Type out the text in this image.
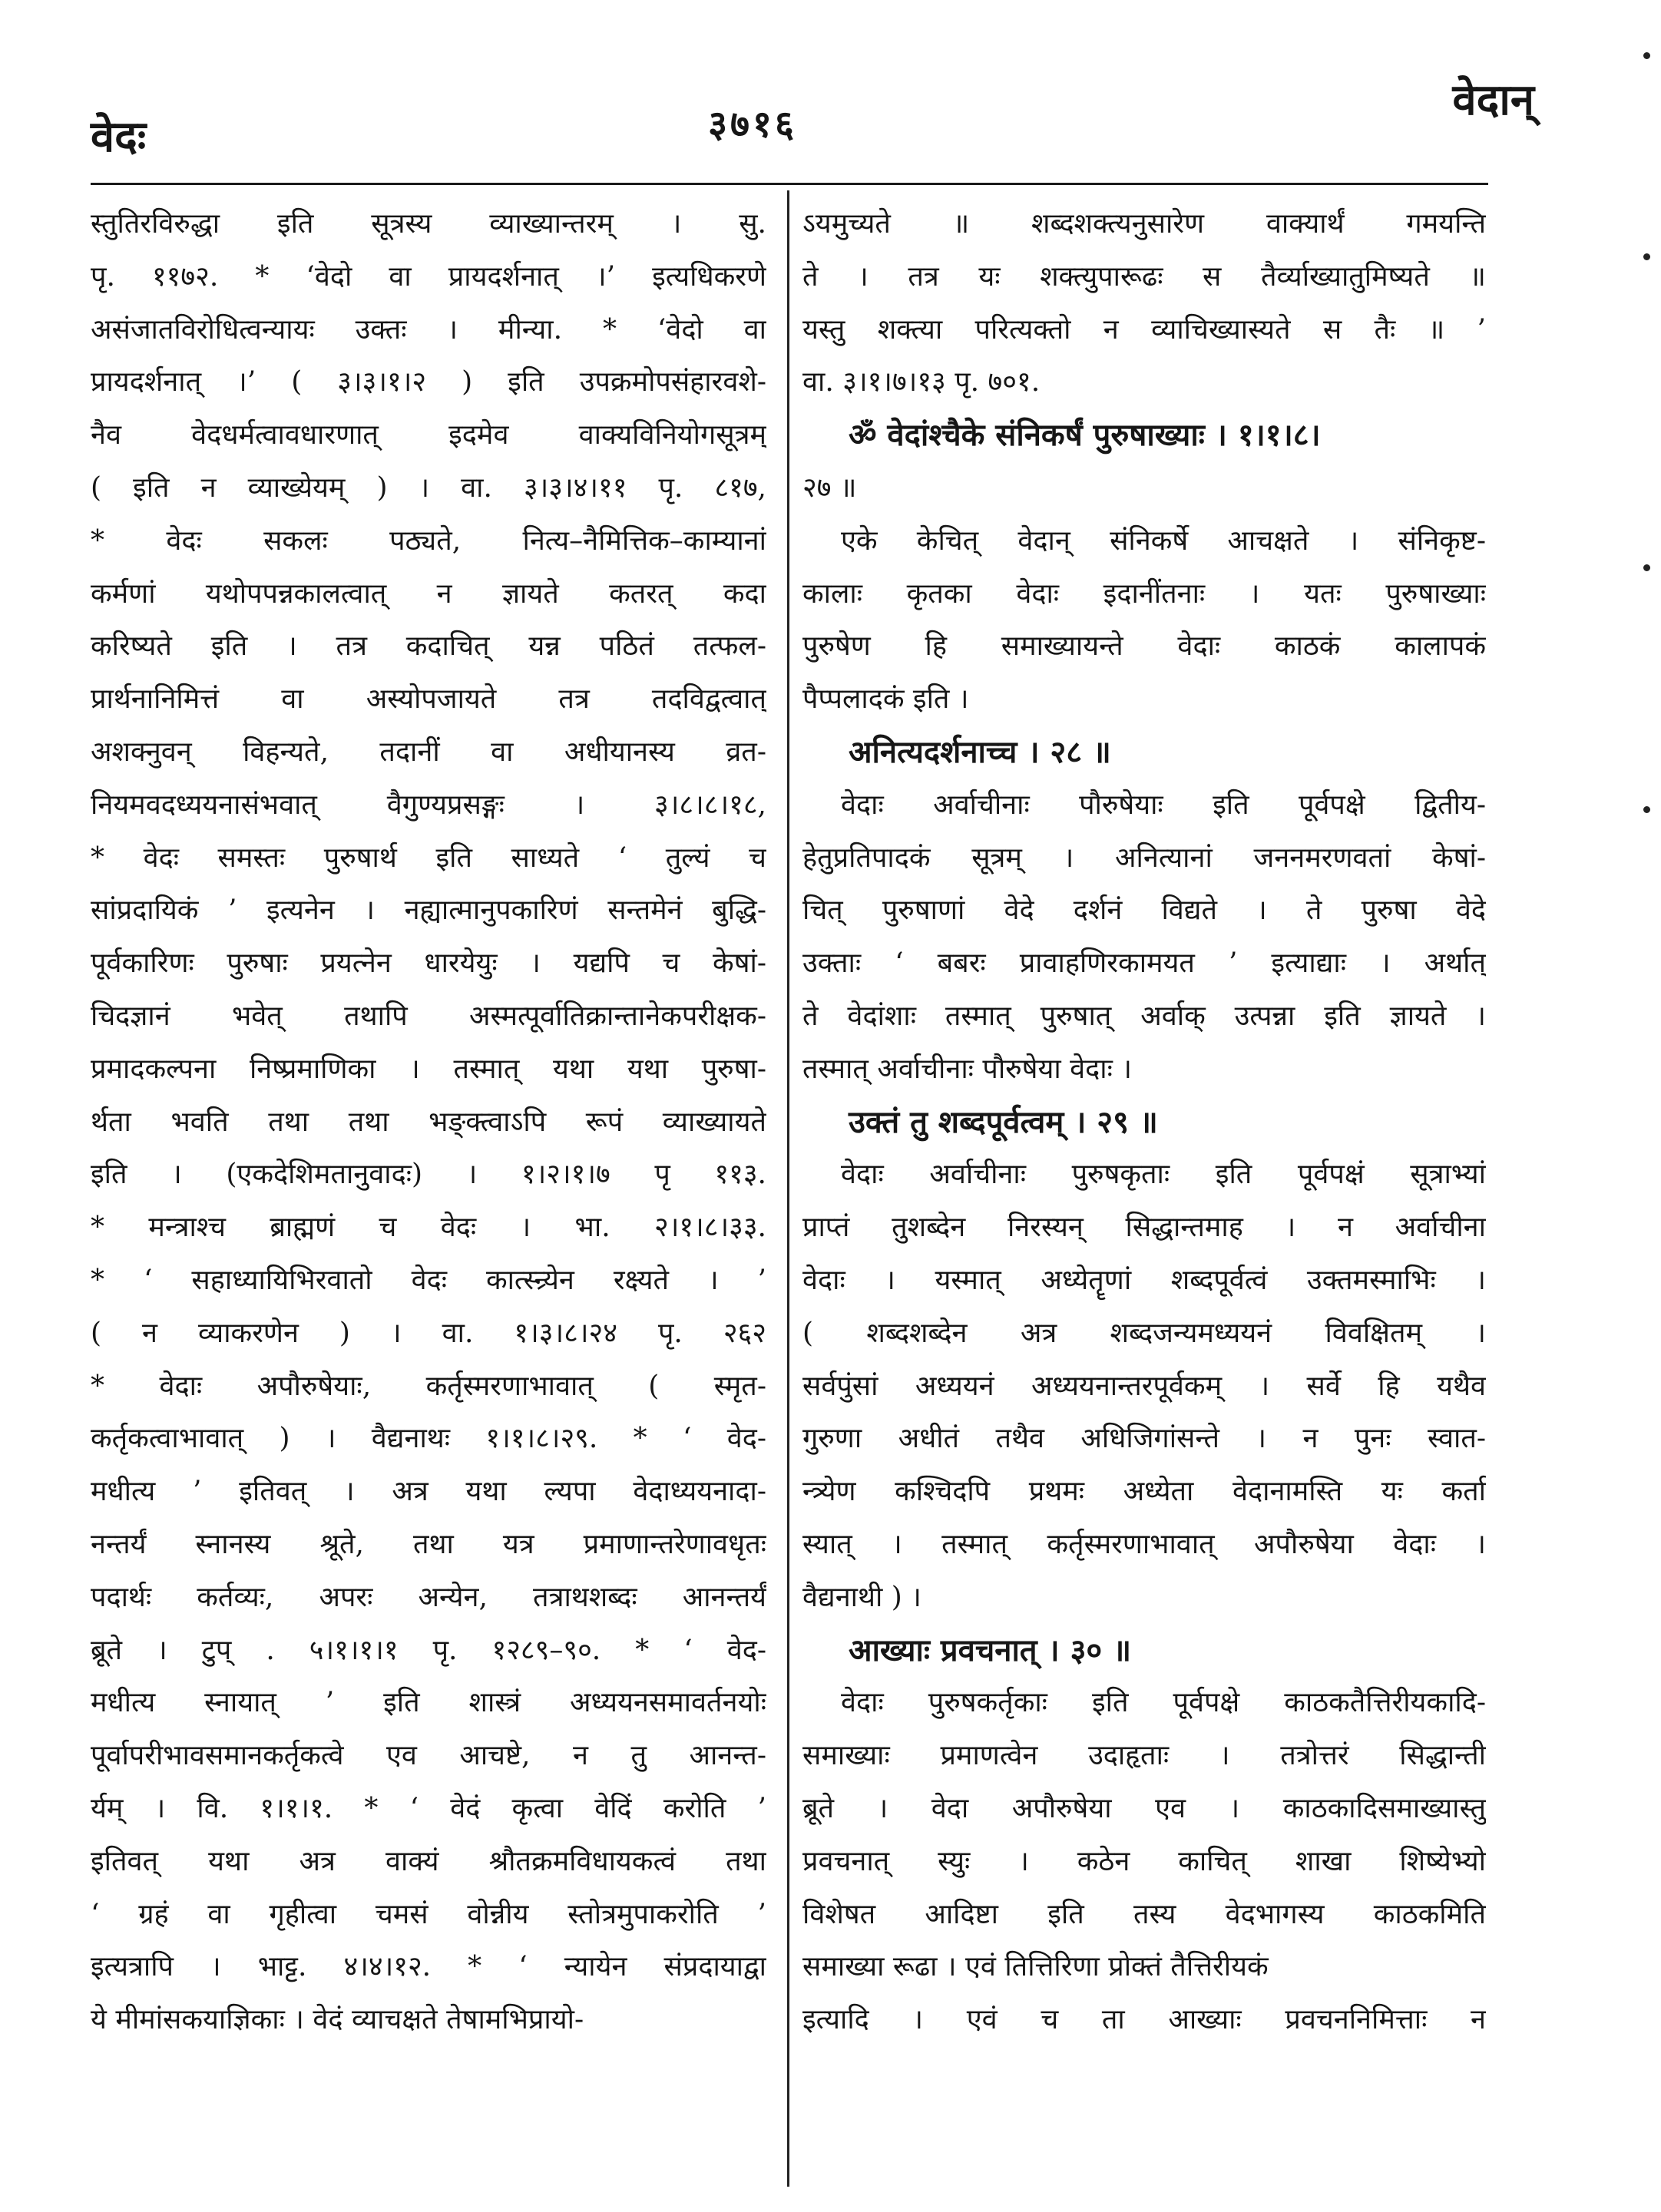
वेदः	३७१६	वेदान्
स्तुतिरविरुद्धा इति सूत्रस्य व्याख्यान्तरम् । सु.
पृ. ११७२. * ‘वेदो वा प्रायदर्शनात् ।’ इत्यधिकरणे
असंजातविरोधित्वन्यायः उक्तः । मीन्या. * ‘वेदो वा
प्रायदर्शनात् ।’ ( ३।३।१।२ ) इति उपक्रमोपसंहारवशे-
नैव वेदधर्मत्वावधारणात् इदमेव वाक्यविनियोगसूत्रम्
( इति न व्याख्येयम् ) । वा. ३।३।४।११ पृ. ८१७,
* वेदः सकलः पठ्यते, नित्य–नैमित्तिक–काम्यानां
कर्मणां यथोपपन्नकालत्वात् न ज्ञायते कतरत् कदा
करिष्यते इति । तत्र कदाचित् यन्न पठितं तत्फल-
प्रार्थनानिमित्तं वा अस्योपजायते तत्र तदविद्वत्वात्
अशक्नुवन् विहन्यते, तदानीं वा अधीयानस्य व्रत-
नियमवदध्ययनासंभवात् वैगुण्यप्रसङ्गः । ३।८।८।१८,
* वेदः समस्तः पुरुषार्थ इति साध्यते ‘ तुल्यं च
सांप्रदायिकं ’ इत्यनेन । नह्यात्मानुपकारिणं सन्तमेनं बुद्धि-
पूर्वकारिणः पुरुषाः प्रयत्नेन धारयेयुः । यद्यपि च केषां-
चिदज्ञानं भवेत् तथापि अस्मत्पूर्वातिक्रान्तानेकपरीक्षक-
प्रमादकल्पना निष्प्रमाणिका । तस्मात् यथा यथा पुरुषा-
र्थता भवति तथा तथा भङ्क्त्वाऽपि रूपं व्याख्यायते
इति । (एकदेशिमतानुवादः) । १।२।१।७ पृ ११३.
* मन्त्राश्च ब्राह्मणं च वेदः । भा. २।१।८।३३.
* ‘ सहाध्यायिभिरवातो वेदः कात्स्न्र्येन रक्ष्यते । ’
( न व्याकरणेन ) । वा. १।३।८।२४ पृ. २६२
* वेदाः अपौरुषेयाः, कर्तृस्मरणाभावात् ( स्मृत-
कर्तृकत्वाभावात् ) । वैद्यनाथः १।१।८।२९. * ‘ वेद-
मधीत्य ’ इतिवत् । अत्र यथा ल्यपा वेदाध्ययनादा-
नन्तर्यं स्नानस्य श्रूते, तथा यत्र प्रमाणान्तरेणावधृतः
पदार्थः कर्तव्यः, अपरः अन्येन, तत्राथशब्दः आनन्तर्यं
ब्रूते । टुप् . ५।१।१।१ पृ. १२८९–९०. * ‘ वेद-
मधीत्य स्नायात् ’ इति शास्त्रं अध्ययनसमावर्तनयोः
पूर्वापरीभावसमानकर्तृकत्वे एव आचष्टे, न तु आनन्त-
र्यम् । वि. १।१।१. * ‘ वेदं कृत्वा वेदिं करोति ’
इतिवत् यथा अत्र वाक्यं श्रौतक्रमविधायकत्वं तथा
‘ ग्रहं वा गृहीत्वा चमसं वोन्नीय स्तोत्रमुपाकरोति ’
इत्यत्रापि । भाट्ट. ४।४।१२. * ‘ न्यायेन संप्रदायाद्वा
ये मीमांसकयाज्ञिकाः । वेदं व्याचक्षते तेषामभिप्रायो-
ऽयमुच्यते ॥ शब्दशक्त्यनुसारेण वाक्यार्थं गमयन्ति
ते । तत्र यः शक्त्युपारूढः स तैर्व्याख्यातुमिष्यते ॥
यस्तु शक्त्या परित्यक्तो न व्याचिख्यास्यते स तैः ॥ ’
वा. ३।१।७।१३ पृ. ७०१.
ॐ वेदांश्चैके संनिकर्षं पुरुषाख्याः । १।१।८।
२७ ॥
एके केचित् वेदान् संनिकर्षे आचक्षते । संनिकृष्ट-
कालाः कृतका वेदाः इदानींतनाः । यतः पुरुषाख्याः
पुरुषेण हि समाख्यायन्ते वेदाः काठकं कालापकं
पैप्पलादकं इति ।
अनित्यदर्शनाच्च । २८ ॥
वेदाः अर्वाचीनाः पौरुषेयाः इति पूर्वपक्षे द्वितीय-
हेतुप्रतिपादकं सूत्रम् । अनित्यानां जननमरणवतां केषां-
चित् पुरुषाणां वेदे दर्शनं विद्यते । ते पुरुषा वेदे
उक्ताः ‘ बबरः प्रावाहणिरकामयत ’ इत्याद्याः । अर्थात्
ते वेदांशाः तस्मात् पुरुषात् अर्वाक् उत्पन्ना इति ज्ञायते ।
तस्मात् अर्वाचीनाः पौरुषेया वेदाः ।
उक्तं तु शब्दपूर्वत्वम् । २९ ॥
वेदाः अर्वाचीनाः पुरुषकृताः इति पूर्वपक्षं सूत्राभ्यां
प्राप्तं तुशब्देन निरस्यन् सिद्धान्तमाह । न अर्वाचीना
वेदाः । यस्मात् अध्येतॄणां शब्दपूर्वत्वं उक्तमस्माभिः ।
( शब्दशब्देन अत्र शब्दजन्यमध्ययनं विवक्षितम् ।
सर्वपुंसां अध्ययनं अध्ययनान्तरपूर्वकम् । सर्वे हि यथैव
गुरुणा अधीतं तथैव अधिजिगांसन्ते । न पुनः स्वात-
न्त्र्येण कश्चिदपि प्रथमः अध्येता वेदानामस्ति यः कर्ता
स्यात् । तस्मात् कर्तृस्मरणाभावात् अपौरुषेया वेदाः ।
वैद्यनाथी ) ।
आख्याः प्रवचनात् । ३० ॥
वेदाः पुरुषकर्तृकाः इति पूर्वपक्षे काठकतैत्तिरीयकादि-
समाख्याः प्रमाणत्वेन उदाहृताः । तत्रोत्तरं सिद्धान्ती
ब्रूते । वेदा अपौरुषेया एव । काठकादिसमाख्यास्तु
प्रवचनात् स्युः । कठेन काचित् शाखा शिष्येभ्यो
विशेषत आदिष्टा इति तस्य वेदभागस्य काठकमिति
समाख्या रूढा । एवं तित्तिरिणा प्रोक्तं तैत्तिरीयकं
इत्यादि । एवं च ता आख्याः प्रवचननिमित्ताः न
